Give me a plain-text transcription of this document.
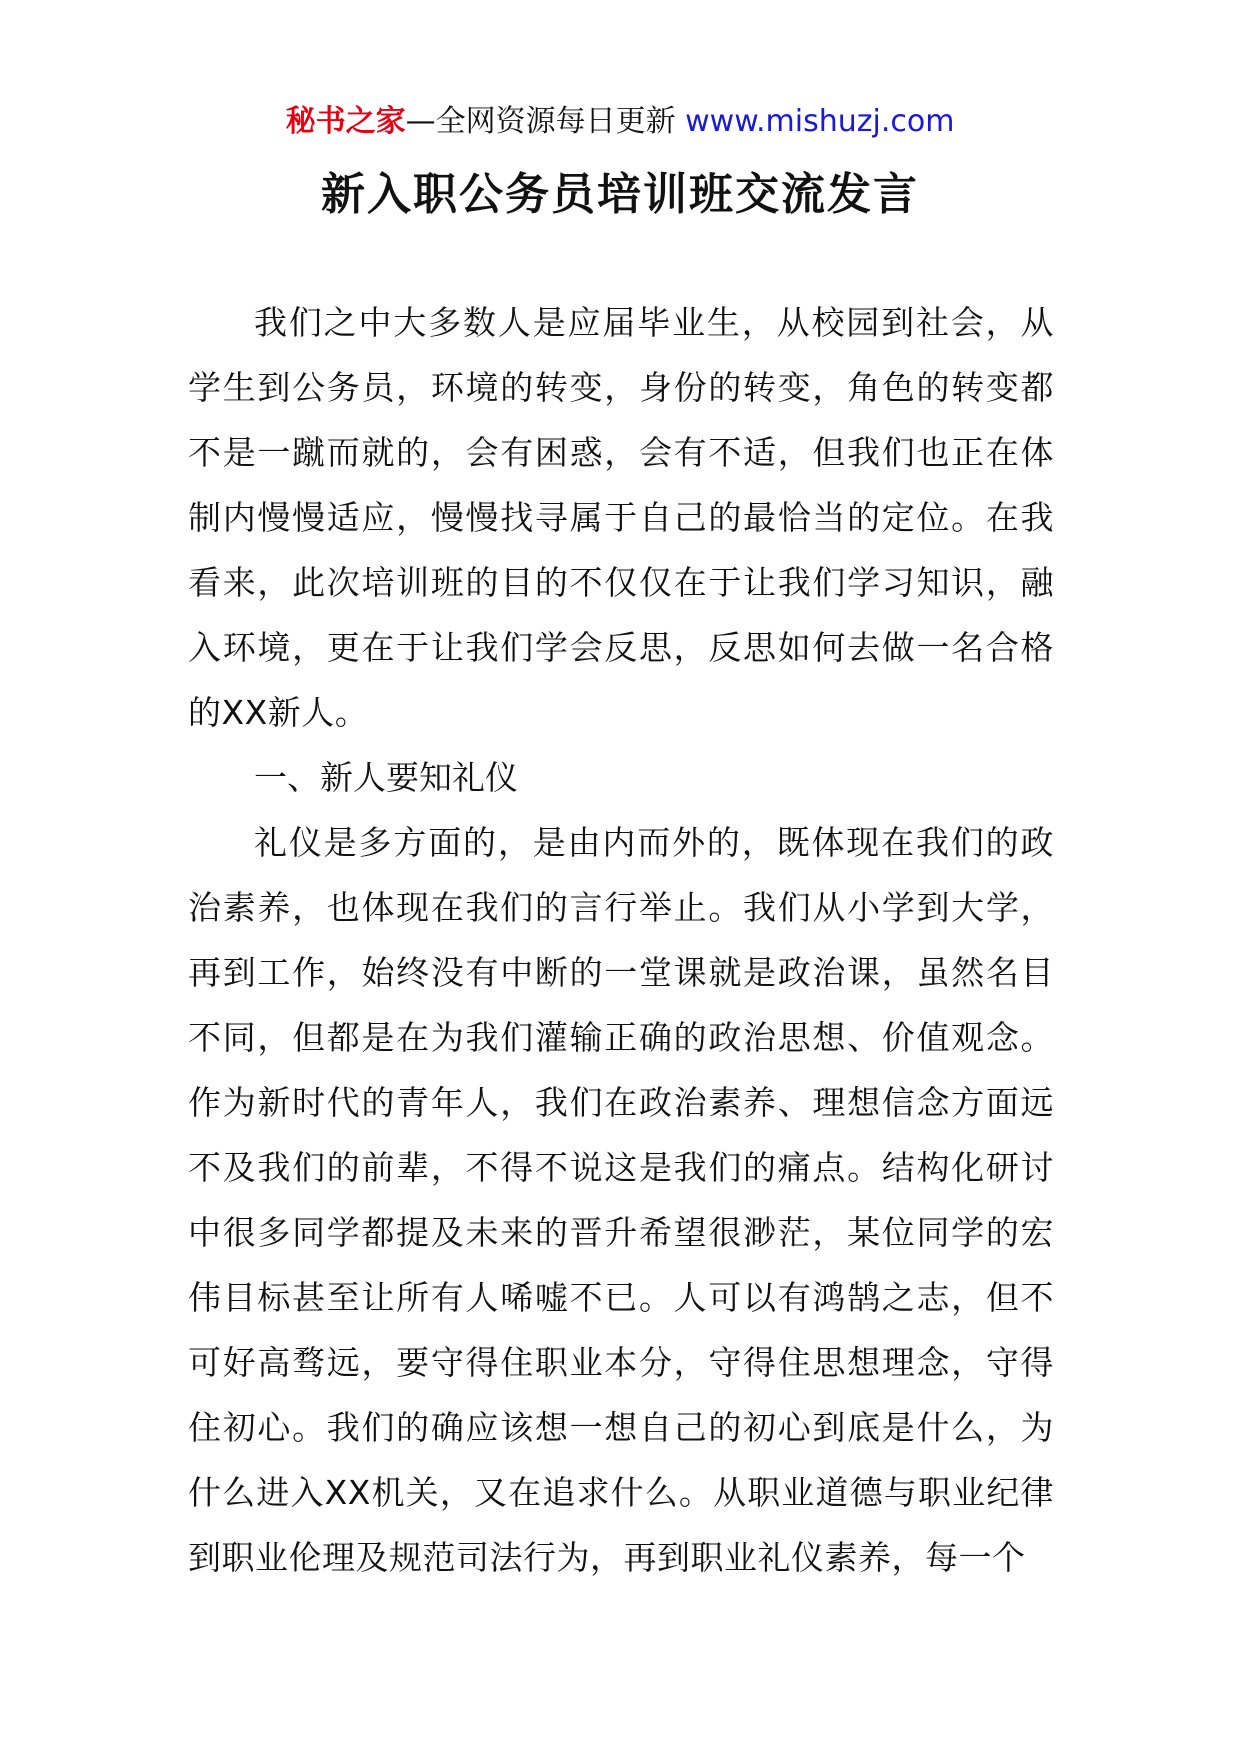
秘书之家—全网资源每日更新 www.mishuzj.com
新入职公务员培训班交流发言

我们之中大多数人是应届毕业生，从校园到社会，从学生到公务员，环境的转变，身份的转变，角色的转变都不是一蹴而就的，会有困惑，会有不适，但我们也正在体制内慢慢适应，慢慢找寻属于自己的最恰当的定位。在我看来，此次培训班的目的不仅仅在于让我们学习知识，融入环境，更在于让我们学会反思，反思如何去做一名合格的XX新人。

一、新人要知礼仪

礼仪是多方面的，是由内而外的，既体现在我们的政治素养，也体现在我们的言行举止。我们从小学到大学，再到工作，始终没有中断的一堂课就是政治课，虽然名目不同，但都是在为我们灌输正确的政治思想、价值观念。作为新时代的青年人，我们在政治素养、理想信念方面远不及我们的前辈，不得不说这是我们的痛点。结构化研讨中很多同学都提及未来的晋升希望很渺茫，某位同学的宏伟目标甚至让所有人唏嘘不已。人可以有鸿鹄之志，但不可好高骛远，要守得住职业本分，守得住思想理念，守得住初心。我们的确应该想一想自己的初心到底是什么，为什么进入XX机关，又在追求什么。从职业道德与职业纪律到职业伦理及规范司法行为，再到职业礼仪素养，每一个
